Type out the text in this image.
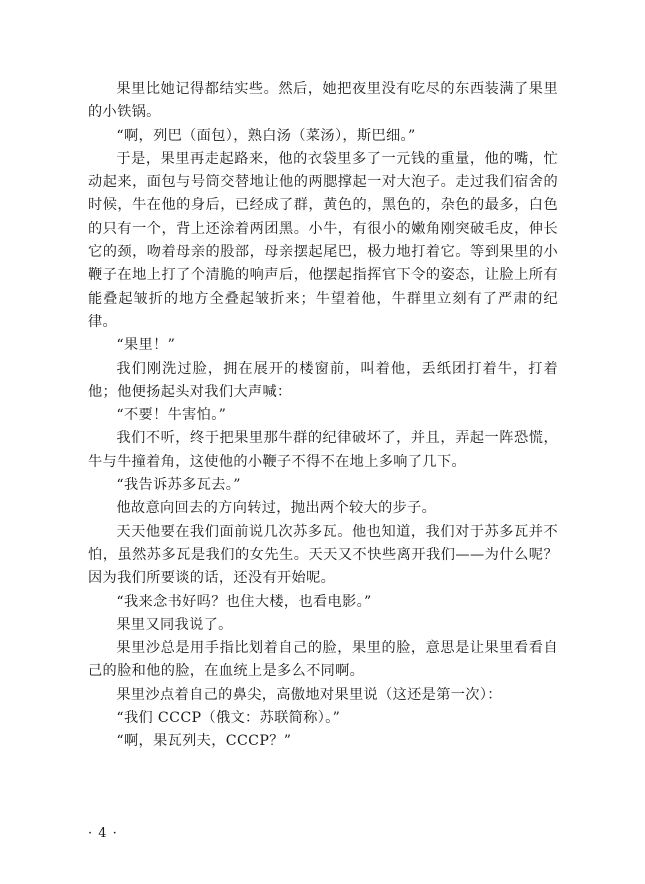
果里比她记得都结实些。然后，她把夜里没有吃尽的东西装满了果里的小铁锅。

“啊，列巴（面包），熟白汤（菜汤），斯巴细。”

于是，果里再走起路来，他的衣袋里多了一元钱的重量，他的嘴，忙动起来，面包与号筒交替地让他的两腮撑起一对大泡子。走过我们宿舍的时候，牛在他的身后，已经成了群，黄色的，黑色的，杂色的最多，白色的只有一个，背上还涂着两团黑。小牛，有很小的嫩角刚突破毛皮，伸长它的颈，吻着母亲的股部，母亲摆起尾巴，极力地打着它。等到果里的小鞭子在地上打了个清脆的响声后，他摆起指挥官下令的姿态，让脸上所有能叠起皱折的地方全叠起皱折来；牛望着他，牛群里立刻有了严肃的纪律。

“果里！”

我们刚洗过脸，拥在展开的楼窗前，叫着他，丢纸团打着牛，打着他；他便扬起头对我们大声喊：

“不要！牛害怕。”

我们不听，终于把果里那牛群的纪律破坏了，并且，弄起一阵恐慌，牛与牛撞着角，这使他的小鞭子不得不在地上多响了几下。

“我告诉苏多瓦去。”

他故意向回去的方向转过，抛出两个较大的步子。

天天他要在我们面前说几次苏多瓦。他也知道，我们对于苏多瓦并不怕，虽然苏多瓦是我们的女先生。天天又不快些离开我们——为什么呢？因为我们所要谈的话，还没有开始呢。

“我来念书好吗？也住大楼，也看电影。”

果里又同我说了。

果里沙总是用手指比划着自己的脸，果里的脸，意思是让果里看看自己的脸和他的脸，在血统上是多么不同啊。

果里沙点着自己的鼻尖，高傲地对果里说（这还是第一次）：

“我们 CCCP（俄文：苏联简称）。”

“啊，果瓦列夫，CCCP？”

· 4 ·
